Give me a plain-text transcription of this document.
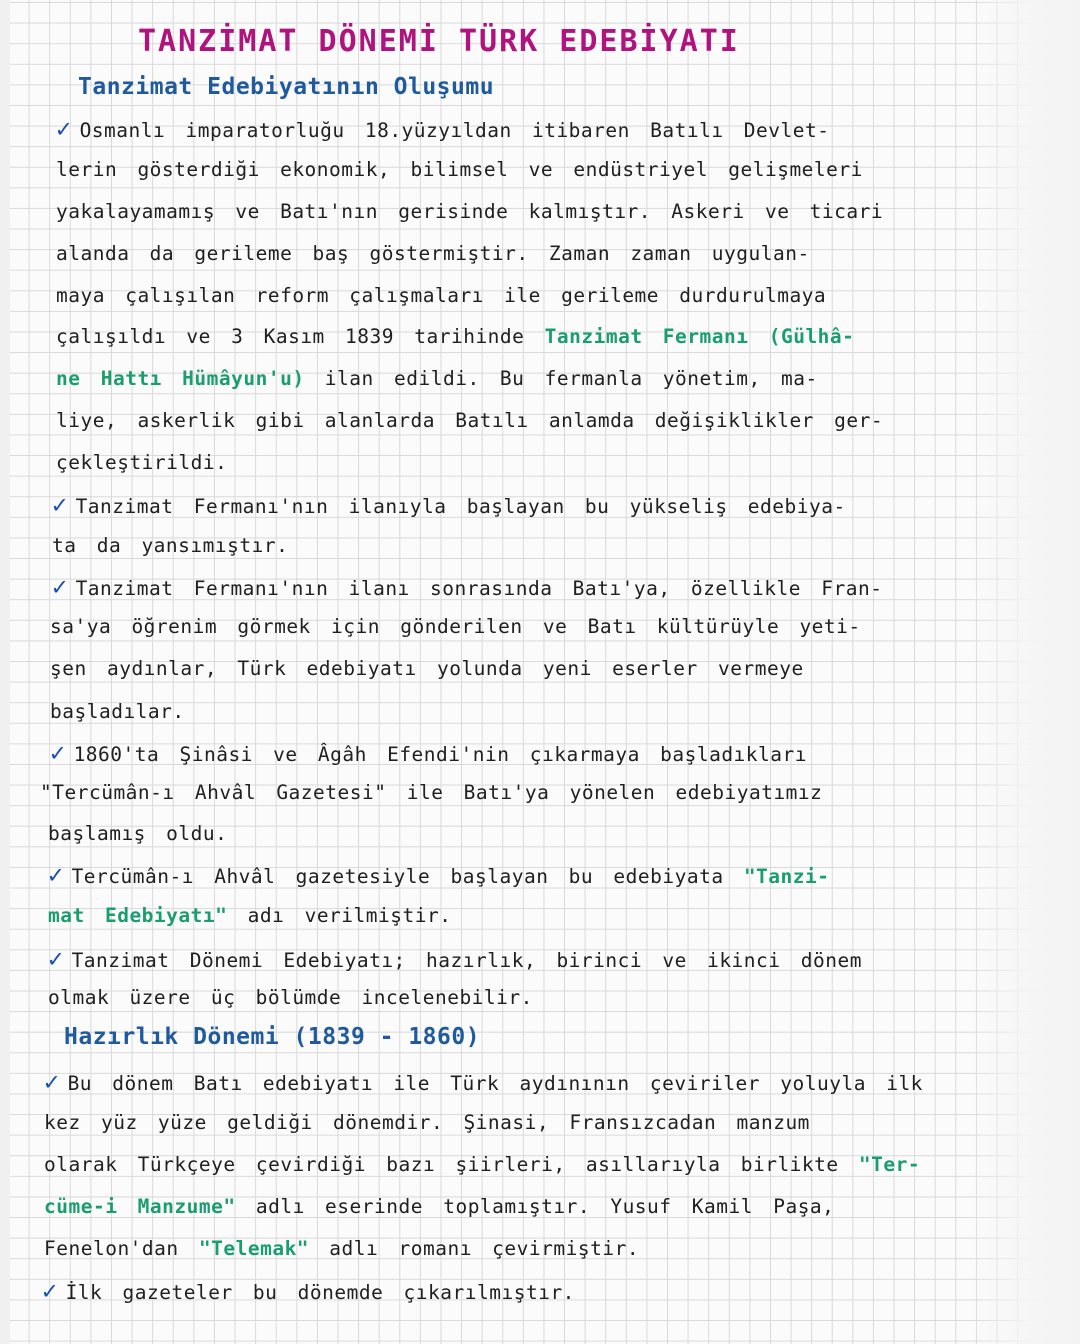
TANZİMAT DÖNEMİ TÜRK EDEBİYATI
Tanzimat Edebiyatının Oluşumu
✓ Osmanlı imparatorluğu 18.yüzyıldan itibaren Batılı Devlet-
lerin gösterdiği ekonomik, bilimsel ve endüstriyel gelişmeleri
yakalayamamış ve Batı'nın gerisinde kalmıştır. Askeri ve ticari
alanda da gerileme baş göstermiştir. Zaman zaman uygulan-
maya çalışılan reform çalışmaları ile gerileme durdurulmaya
çalışıldı ve 3 Kasım 1839 tarihinde Tanzimat Fermanı (Gülhâ-
ne Hattı Hümâyun'u) ilan edildi. Bu fermanla yönetim, ma-
liye, askerlik gibi alanlarda Batılı anlamda değişiklikler ger-
çekleştirildi.
✓ Tanzimat Fermanı'nın ilanıyla başlayan bu yükseliş edebiya-
ta da yansımıştır.
✓ Tanzimat Fermanı'nın ilanı sonrasında Batı'ya, özellikle Fran-
sa'ya öğrenim görmek için gönderilen ve Batı kültürüyle yeti-
şen aydınlar, Türk edebiyatı yolunda yeni eserler vermeye
başladılar.
✓ 1860'ta Şinâsi ve Âgâh Efendi'nin çıkarmaya başladıkları
"Tercümân-ı Ahvâl Gazetesi" ile Batı'ya yönelen edebiyatımız
başlamış oldu.
✓ Tercümân-ı Ahvâl gazetesiyle başlayan bu edebiyata "Tanzi-
mat Edebiyatı" adı verilmiştir.
✓ Tanzimat Dönemi Edebiyatı; hazırlık, birinci ve ikinci dönem
olmak üzere üç bölümde incelenebilir.
Hazırlık Dönemi (1839 - 1860)
✓ Bu dönem Batı edebiyatı ile Türk aydınının çeviriler yoluyla ilk
kez yüz yüze geldiği dönemdir. Şinasi, Fransızcadan manzum
olarak Türkçeye çevirdiği bazı şiirleri, asıllarıyla birlikte "Ter-
cüme-i Manzume" adlı eserinde toplamıştır. Yusuf Kamil Paşa,
Fenelon'dan "Telemak" adlı romanı çevirmiştir.
✓ İlk gazeteler bu dönemde çıkarılmıştır.
